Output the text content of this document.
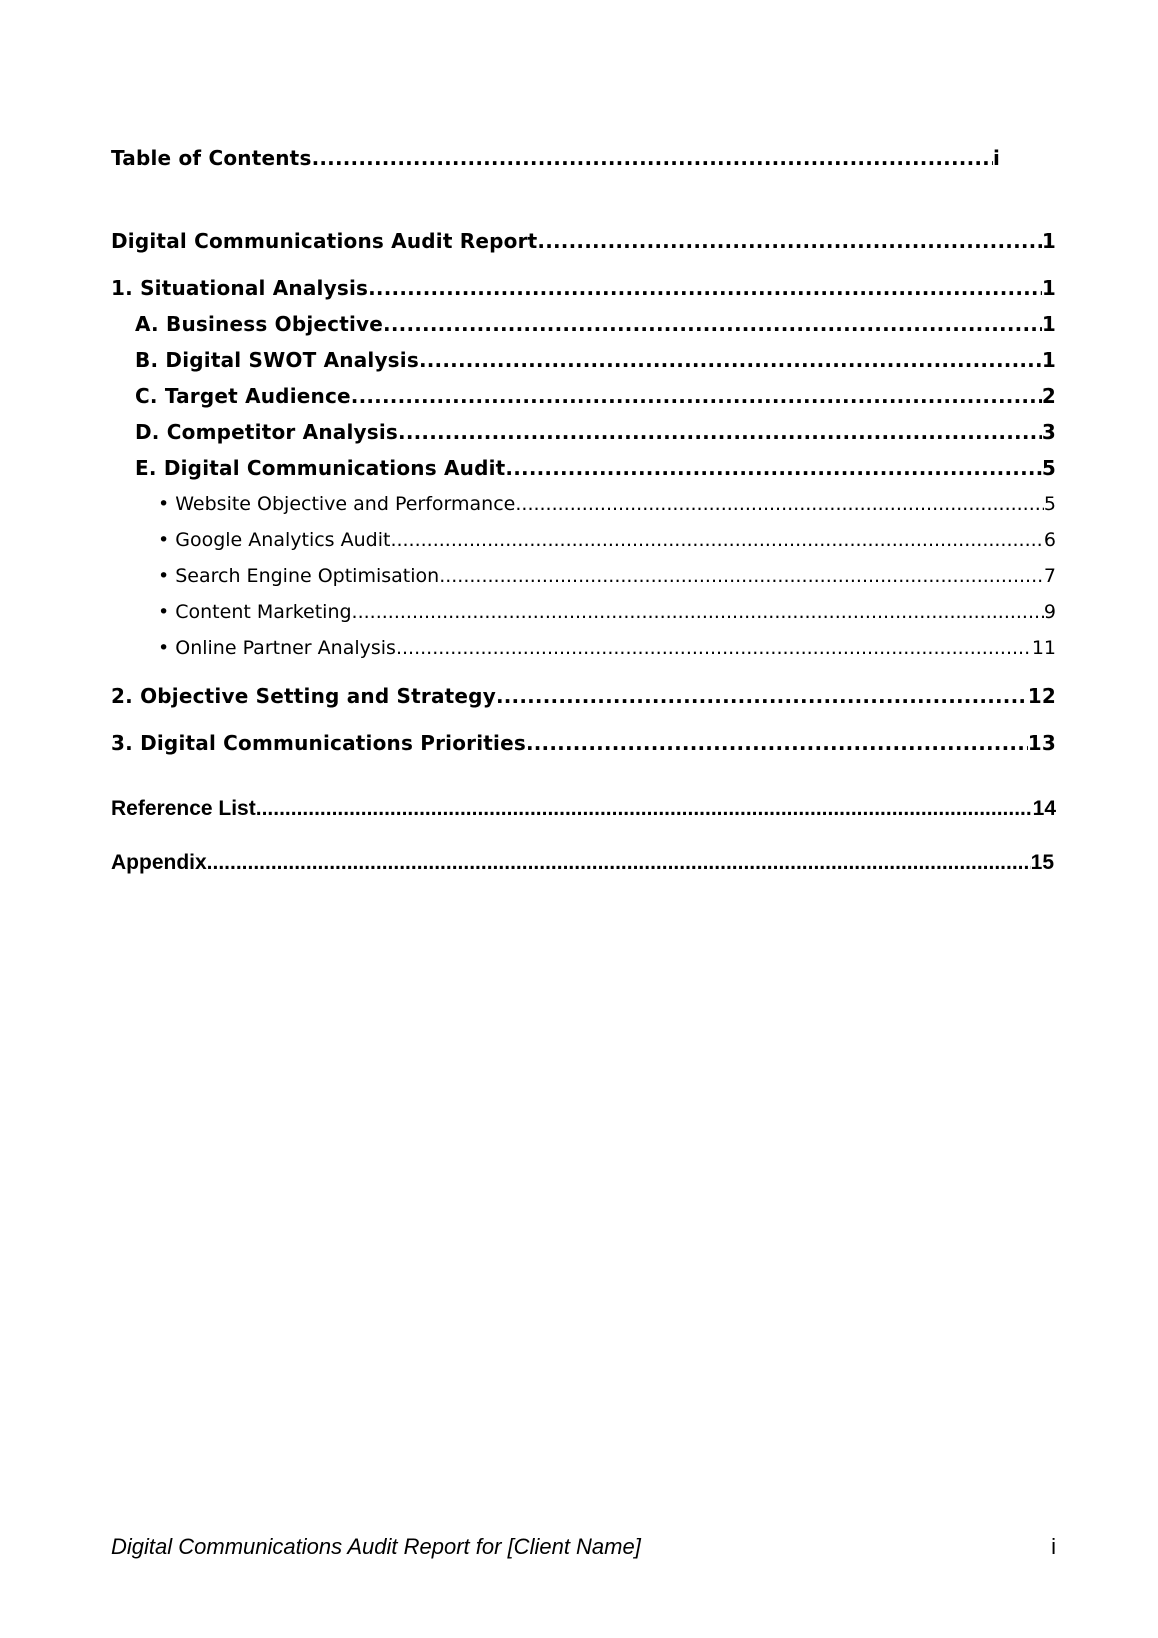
Table of Contents .....	i
Digital Communications Audit Report .....	1
1. Situational Analysis .....	1
A. Business Objective .....	1
B. Digital SWOT Analysis .....	1
C. Target Audience .....	2
D. Competitor Analysis .....	3
E. Digital Communications Audit .....	5
• Website Objective and Performance .....	5
• Google Analytics Audit .....	6
• Search Engine Optimisation .....	7
• Content Marketing .....	9
• Online Partner Analysis .....	11
2. Objective Setting and Strategy .....	12
3. Digital Communications Priorities .....	13
Reference List .....	14
Appendix .....	15
Digital Communications Audit Report for [Client Name]	i
